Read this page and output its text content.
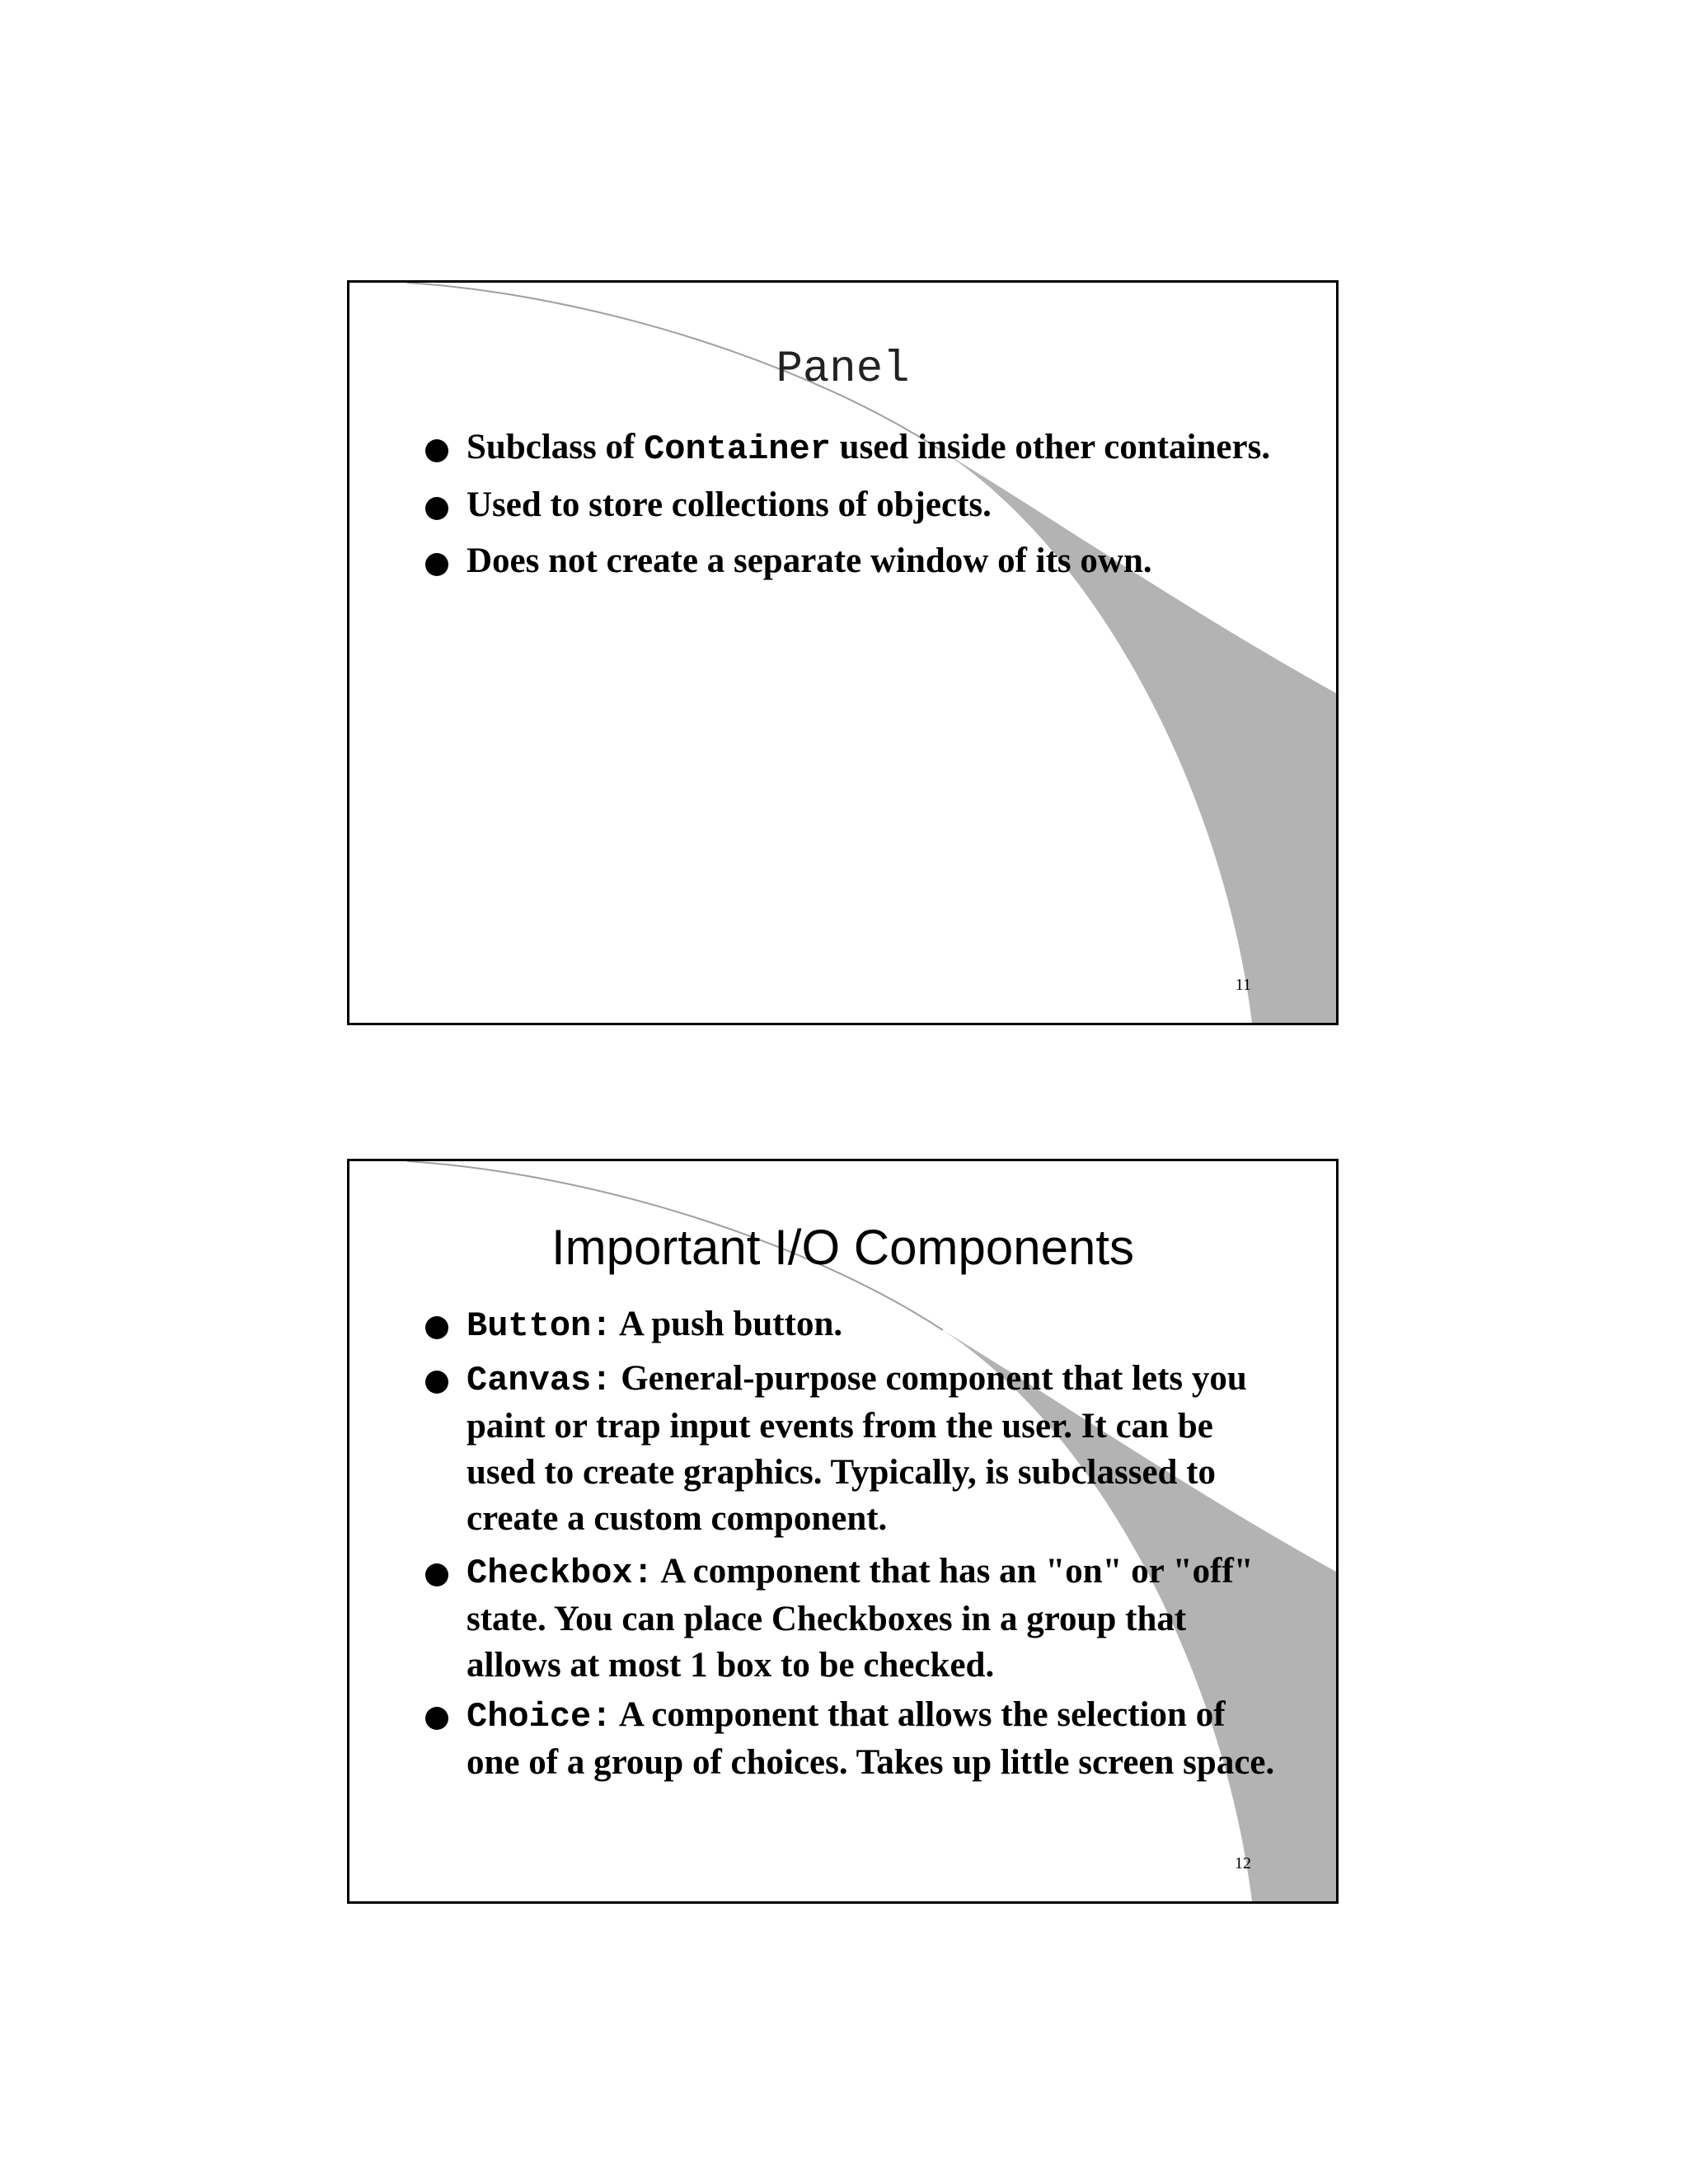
Panel
Subclass of Container used inside other containers.
Used to store collections of objects.
Does not create a separate window of its own.
11
Important I/O Components
Button: A push button.
Canvas: General-purpose component that lets you paint or trap input events from the user. It can be used to create graphics. Typically, is subclassed to create a custom component.
Checkbox: A component that has an "on" or "off" state. You can place Checkboxes in a group that allows at most 1 box to be checked.
Choice: A component that allows the selection of one of a group of choices. Takes up little screen space.
12
